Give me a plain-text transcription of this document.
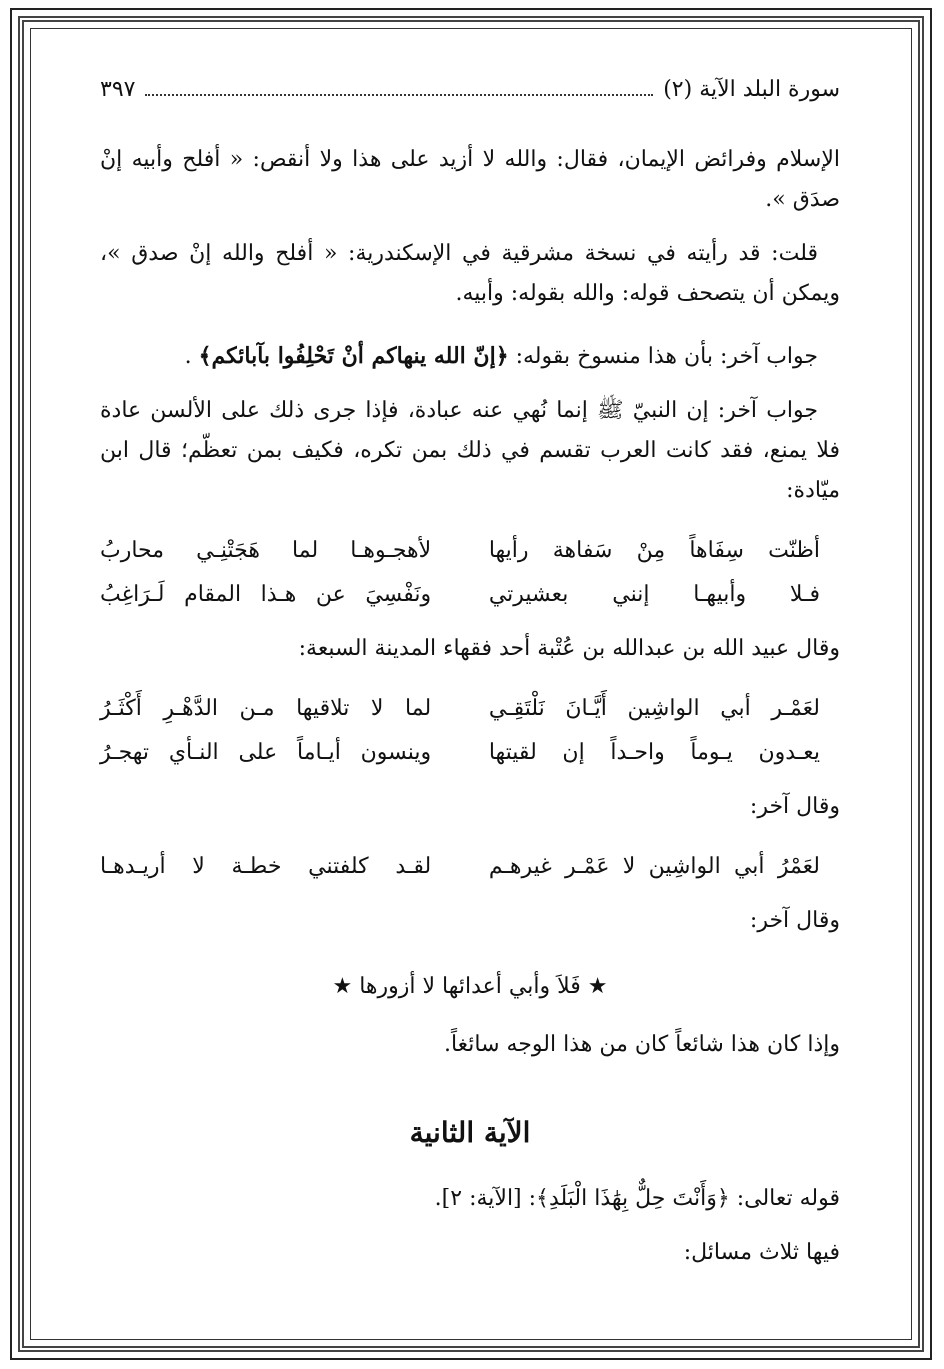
سورة البلد الآية (٢)
٣٩٧

الإسلام وفرائض الإيمان، فقال: والله لا أزيد على هذا ولا أنقص: « أفلح وأبيه إنْ صدَق ».

قلت: قد رأيته في نسخة مشرقية في الإسكندرية: « أفلح والله إنْ صدق »، ويمكن أن يتصحف قوله: والله بقوله: وأبيه.

جواب آخر: بأن هذا منسوخ بقوله: ﴿إنّ الله ينهاكم أنْ تَحْلِفُوا بآبائكم﴾ .

جواب آخر: إن النبيّ ﷺ إنما نُهي عنه عبادة، فإذا جرى ذلك على الألسن عادة فلا يمنع، فقد كانت العرب تقسم في ذلك بمن تكره، فكيف بمن تعظّم؛ قال ابن ميّادة:

أظنّت سِفَاهاً مِنْ سَفاهة رأيها
لأهجـوهـا لما هَجَتْنِـي محاربُ
فـلا وأبيهـا إنني بعشيرتي
ونَفْسِيَ عن هـذا المقام لَـرَاغِبُ

وقال عبيد الله بن عبدالله بن عُتْبة أحد فقهاء المدينة السبعة:

لعَمْـر أبي الواشِين أَيَّـانَ نَلْتَقِـي
لما لا تلاقيها مـن الدَّهْـرِ أَكْثَـرُ
يعـدون يـوماً واحـداً إن لقيتها
وينسون أيـاماً على النـأي تهجـرُ

وقال آخر:

لعَمْرُ أبي الواشِين لا عَمْـر غيرهـم
لقـد كلفتني خطـة لا أريـدهـا

وقال آخر:

★ فَلاَ وأبي أعدائها لا أزورها ★

وإذا كان هذا شائعاً كان من هذا الوجه سائغاً.

الآية الثانية

قوله تعالى: ﴿وَأَنْتَ حِلٌّ بِهَٰذَا الْبَلَدِ﴾: [الآية: ٢].

فيها ثلاث مسائل:
